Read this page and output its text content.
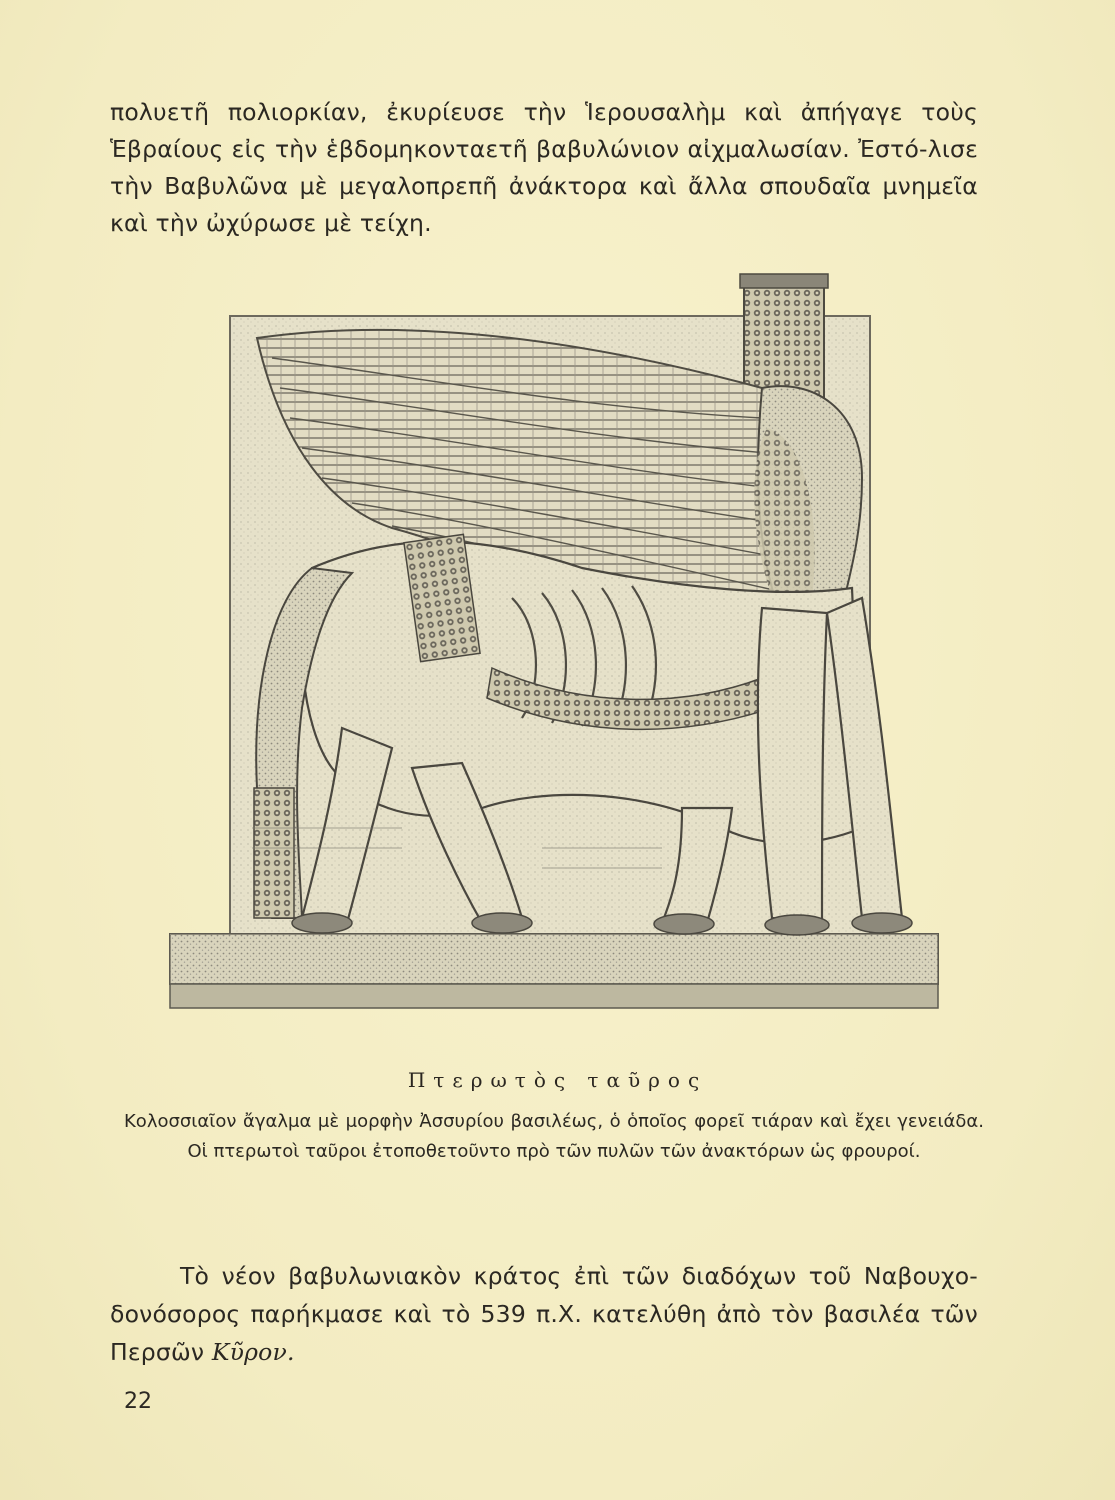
πολυετῆ πολιορκίαν, ἐκυρίευσε τὴν Ἱερουσαλὴμ καὶ ἀπήγαγε τοὺς Ἑβραίους εἰς τὴν ἑβδομηκονταετῆ βαβυλώνιον αἰχμαλωσίαν. Ἐστό-λισε τὴν Βαβυλῶνα μὲ μεγαλοπρεπῆ ἀνάκτορα καὶ ἄλλα σπουδαῖα μνημεῖα καὶ τὴν ὠχύρωσε μὲ τείχη.

Πτερωτὸς ταῦρος

Κολοσσιαῖον ἄγαλμα μὲ μορφὴν Ἀσσυρίου βασιλέως, ὁ ὁποῖος φορεῖ τιάραν καὶ ἔχει γενειάδα. Οἱ πτερωτοὶ ταῦροι ἐτοποθετοῦντο πρὸ τῶν πυλῶν τῶν ἀνακτόρων ὡς φρουροί.

Τὸ νέον βαβυλωνιακὸν κράτος ἐπὶ τῶν διαδόχων τοῦ Ναβουχο-δονόσορος παρήκμασε καὶ τὸ 539 π.Χ. κατελύθη ἀπὸ τὸν βασιλέα τῶν Περσῶν Κῦρον.

22
